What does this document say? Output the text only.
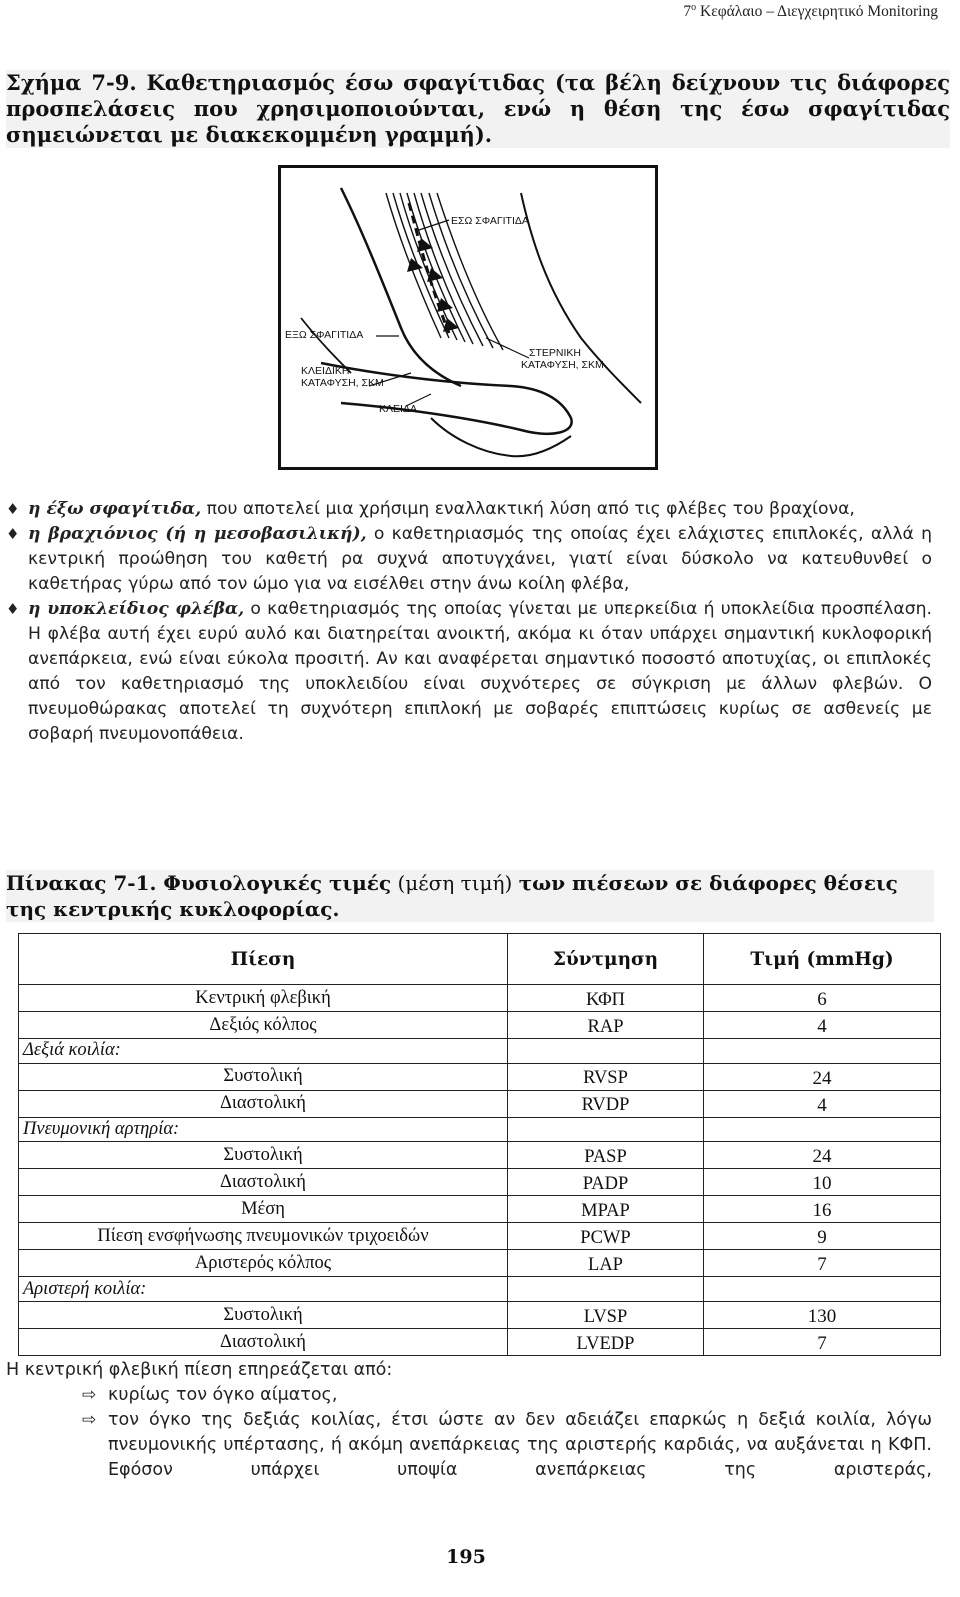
$7^o$ Κεφάλαιο – Διεγχειρητικό Monitoring
Σχήμα 7-9. Καθετηριασμός έσω σφαγίτιδας (τα βέλη δείχνουν τις διάφορες προσπελάσεις που χρησιμοποιούνται, ενώ η θέση της έσω σφαγίτιδας σημειώνεται με διακεκομμένη γραμμή).
ΕΣΩ ΣΦΑΓΙΤΙΔΑ
ΕΞΩ ΣΦΑΓΙΤΙΔΑ
ΣΤΕΡΝΙΚΗ
ΚΑΤΑΦΥΣΗ, ΣΚΜ
ΚΛΕΙΔΙΚΗ
ΚΑΤΑΦΥΣΗ, ΣΚΜ
ΚΛΕΙΔΑ
♦ η έξω σφαγίτιδα, που αποτελεί μια χρήσιμη εναλλακτική λύση από τις φλέβες του βραχίονα,
♦ η βραχιόνιος (ή η μεσοβασιλική), ο καθετηριασμός της οποίας έχει ελάχιστες επιπλοκές, αλλά η κεντρική προώθηση του καθετή ρα συχνά αποτυγχάνει, γιατί είναι δύσκολο να κατευθυνθεί ο καθετήρας γύρω από τον ώμο για να εισέλθει στην άνω κοίλη φλέβα,
♦ η υποκλείδιος φλέβα, ο καθετηριασμός της οποίας γίνεται με υπερκείδια ή υποκλείδια προσπέλαση. Η φλέβα αυτή έχει ευρύ αυλό και διατηρείται ανοικτή, ακόμα κι όταν υπάρχει σημαντική κυκλοφορική ανεπάρκεια, ενώ είναι εύκολα προσιτή. Αν και αναφέρεται σημαντικό ποσοστό αποτυχίας, οι επιπλοκές από τον καθετηριασμό της υποκλειδίου είναι συχνότερες σε σύγκριση με άλλων φλεβών. Ο πνευμοθώρακας αποτελεί τη συχνότερη επιπλοκή με σοβαρές επιπτώσεις κυρίως σε ασθενείς με σοβαρή πνευμονοπάθεια.
Πίνακας 7-1. Φυσιολογικές τιμές (μέση τιμή) των πιέσεων σε διάφορες θέσεις της κεντρικής κυκλοφορίας.
Πίεση	Σύντμηση	Τιμή (mmHg)
Κεντρική φλεβική	ΚΦΠ	6
Δεξιός κόλπος	RAP	4
Δεξιά κοιλία:		
Συστολική	RVSP	24
Διαστολική	RVDP	4
Πνευμονική αρτηρία:		
Συστολική	PASP	24
Διαστολική	PADP	10
Μέση	MPAP	16
Πίεση ενσφήνωσης πνευμονικών τριχοειδών	PCWP	9
Αριστερός κόλπος	LAP	7
Αριστερή κοιλία:		
Συστολική	LVSP	130
Διαστολική	LVEDP	7
Η κεντρική φλεβική πίεση επηρεάζεται από:
⇨ κυρίως τον όγκο αίματος,
⇨ τον όγκο της δεξιάς κοιλίας, έτσι ώστε αν δεν αδειάζει επαρκώς η δεξιά κοιλία, λόγω πνευμονικής υπέρτασης, ή ακόμη ανεπάρκειας της αριστερής καρδιάς, να αυξάνεται η ΚΦΠ. Εφόσον υπάρχει υποψία ανεπάρκειας της αριστεράς,
195
